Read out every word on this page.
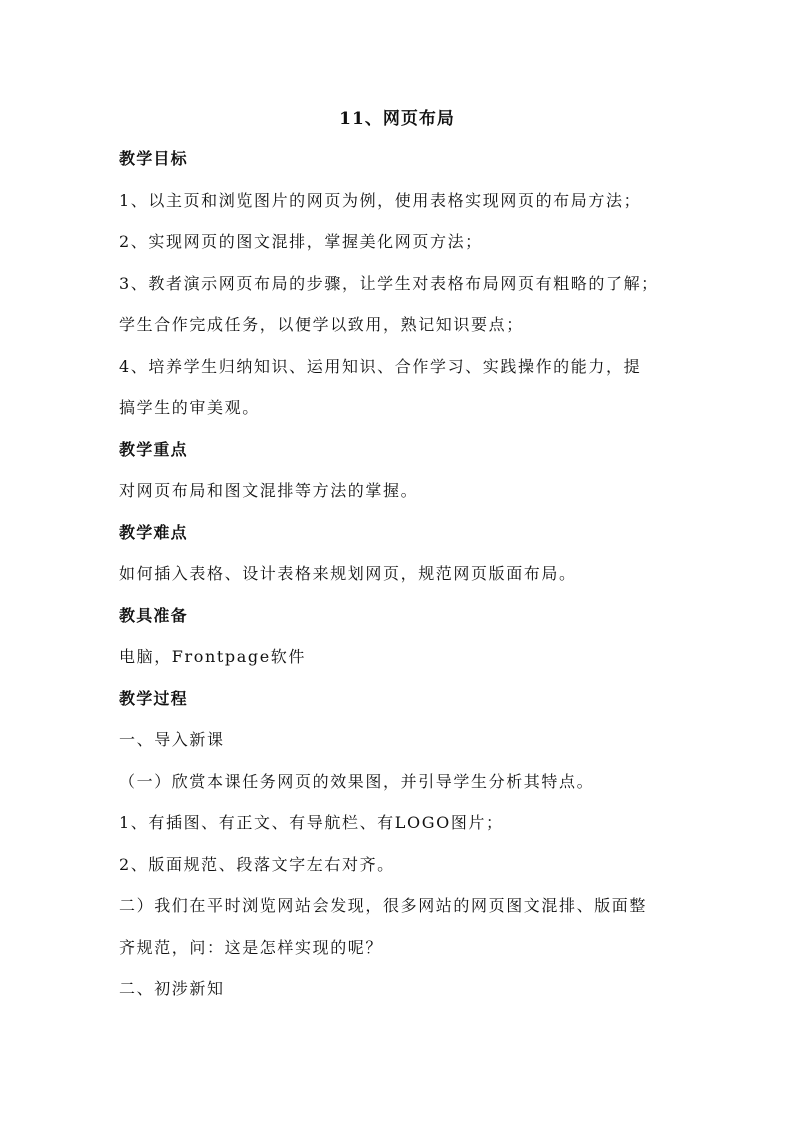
11、网页布局
教学目标
1、以主页和浏览图片的网页为例，使用表格实现网页的布局方法；
2、实现网页的图文混排，掌握美化网页方法；
3、教者演示网页布局的步骤，让学生对表格布局网页有粗略的了解；
学生合作完成任务，以便学以致用，熟记知识要点；
4、培养学生归纳知识、运用知识、合作学习、实践操作的能力，提
搞学生的审美观。
教学重点
对网页布局和图文混排等方法的掌握。
教学难点
如何插入表格、设计表格来规划网页，规范网页版面布局。
教具准备
电脑，Frontpage软件
教学过程
一、导入新课
（一）欣赏本课任务网页的效果图，并引导学生分析其特点。
1、有插图、有正文、有导航栏、有LOGO图片；
2、版面规范、段落文字左右对齐。
二）我们在平时浏览网站会发现，很多网站的网页图文混排、版面整
齐规范，问：这是怎样实现的呢？
二、初涉新知
